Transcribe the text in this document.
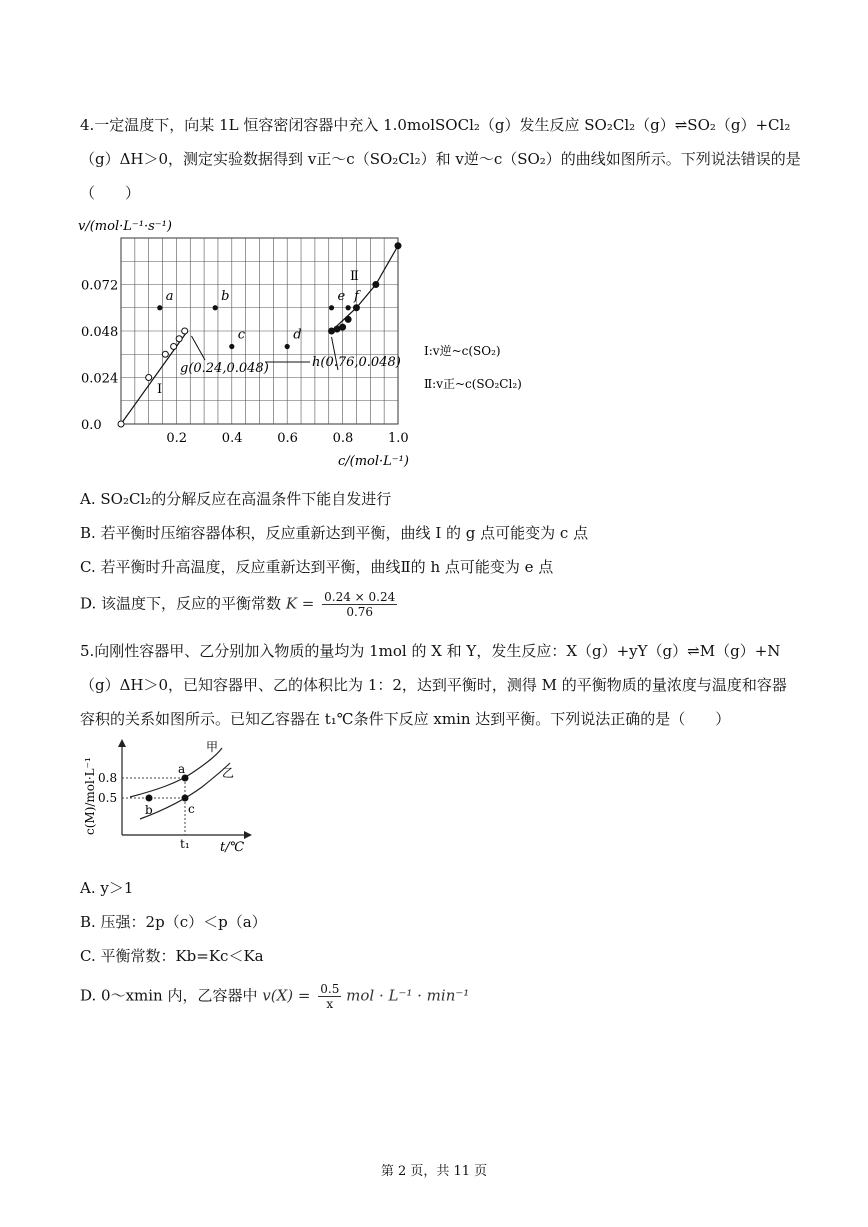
4.一定温度下，向某 1L 恒容密闭容器中充入 1.0molSOCl₂（g）发生反应 SO₂Cl₂（g）⇌SO₂（g）+Cl₂
（g）ΔH＞0，测定实验数据得到 v正～c（SO₂Cl₂）和 v逆～c（SO₂）的曲线如图所示。下列说法错误的是
（　　）
0.2	0.4	0.6	0.8	1.0
0.0
0.024
0.048
0.072
a	b
c	d
e f
v/(mol·L⁻¹·s⁻¹)
c/(mol·L⁻¹)
g(0.24,0.048)	h(0.76,0.048)
I
Ⅱ
I:v逆~c(SO₂)
Ⅱ:v正~c(SO₂Cl₂)
A. SO₂Cl₂的分解反应在高温条件下能自发进行
B. 若平衡时压缩容器体积，反应重新达到平衡，曲线 I 的 g 点可能变为 c 点
C. 若平衡时升高温度，反应重新达到平衡，曲线Ⅱ的 h 点可能变为 e 点
D. 该温度下，反应的平衡常数 $K = \frac{0.24 \times 0.24}{0.76}$
5.向刚性容器甲、乙分别加入物质的量均为 1mol 的 X 和 Y，发生反应：X（g）+yY（g）⇌M（g）+N
（g）ΔH＞0，已知容器甲、乙的体积比为 1：2，达到平衡时，测得 M 的平衡物质的量浓度与温度和容器
容积的关系如图所示。已知乙容器在 t₁℃条件下反应 xmin 达到平衡。下列说法正确的是（　　）
a
b	c
0.8
0.5
t₁ t/℃
甲
乙
c(M)/mol·L⁻¹
A. y＞1
B. 压强：2p（c）＜p（a）
C. 平衡常数：Kb=Kc＜Ka
D. 0～xmin 内，乙容器中 $v(X) = \frac{0.5}{x}$ mol · L⁻¹ · min⁻¹
第 2 页，共 11 页
